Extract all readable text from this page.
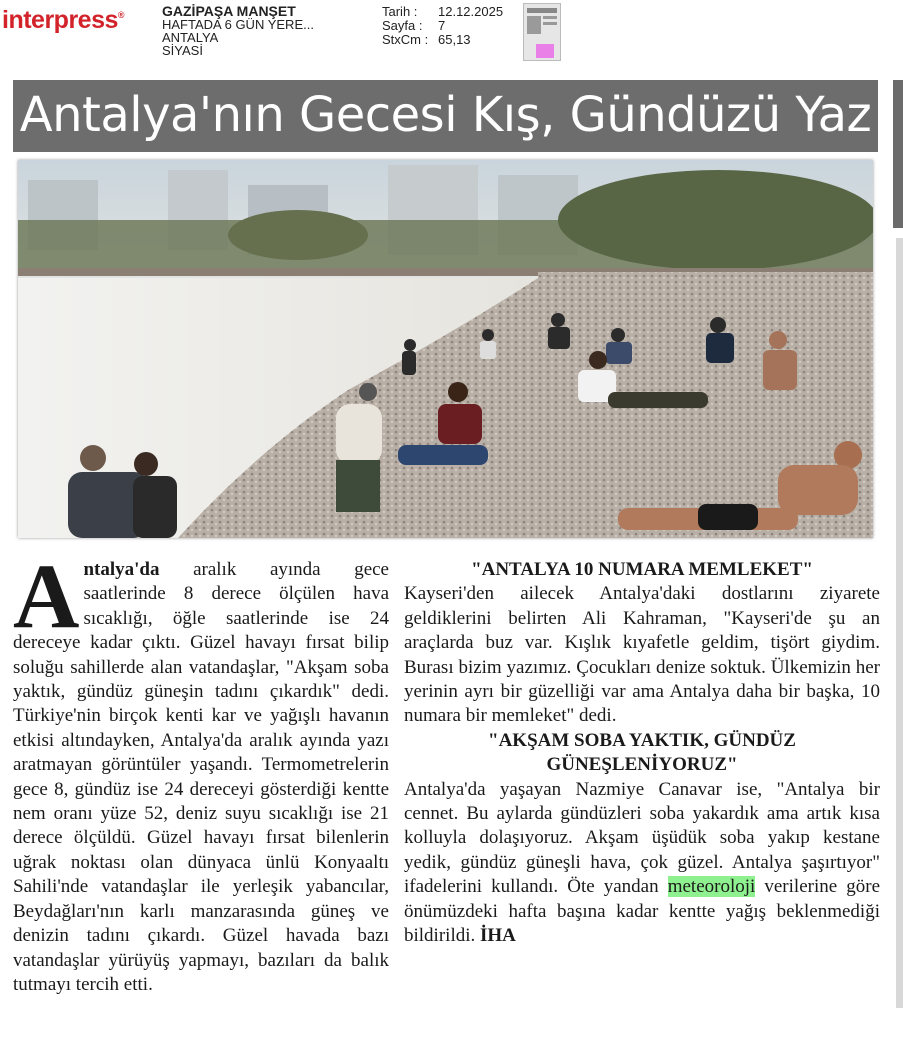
interpress®	GAZİPAŞA MANŞET
HAFTADA 6 GÜN YERE...
ANTALYA
SİYASİ
Tarih :	12.12.2025
Sayfa :	7
StxCm : 65,13
Antalya'nın Gecesi Kış, Gündüzü Yaz

Antalya'da aralık ayında gece saatlerinde 8 derece ölçülen hava sıcaklığı, öğle saatlerinde ise 24 dereceye kadar çıktı. Güzel havayı fırsat bilip soluğu sahillerde alan vatandaşlar, "Akşam soba yaktık, gündüz güneşin tadını çıkardık" dedi. Türkiye'nin birçok kenti kar ve yağışlı havanın etkisi altındayken, Antalya'da aralık ayında yazı aratmayan görüntüler yaşandı. Termometrelerin gece 8, gündüz ise 24 dereceyi gösterdiği kentte nem oranı yüze 52, deniz suyu sıcaklığı ise 21 derece ölçüldü. Güzel havayı fırsat bilenlerin uğrak noktası olan dünyaca ünlü Konyaaltı Sahili'nde vatandaşlar ile yerleşik yabancılar, Beydağları'nın karlı manzarasında güneş ve denizin tadını çıkardı. Güzel havada bazı vatandaşlar yürüyüş yapmayı, bazıları da balık tutmayı tercih etti.

"ANTALYA 10 NUMARA MEMLEKET"

Kayseri'den ailecek Antalya'daki dostlarını ziyarete geldiklerini belirten Ali Kahraman, "Kayseri'de şu an araçlarda buz var. Kışlık kıyafetle geldim, tişört giydim. Burası bizim yazımız. Çocukları denize soktuk. Ülkemizin her yerinin ayrı bir güzelliği var ama Antalya daha bir başka, 10 numara bir memleket" dedi.

"AKŞAM SOBA YAKTIK, GÜNDÜZ

GÜNEŞLENİYORUZ"

Antalya'da yaşayan Nazmiye Canavar ise, "Antalya bir cennet. Bu aylarda gündüzleri soba yakardık ama artık kısa kolluyla dolaşıyoruz. Akşam üşüdük soba yakıp kestane yedik, gündüz güneşli hava, çok güzel. Antalya şaşırtıyor" ifadelerini kullandı. Öte yandan meteoroloji verilerine göre önümüzdeki hafta başına kadar kentte yağış beklenmediği bildirildi. İHA
